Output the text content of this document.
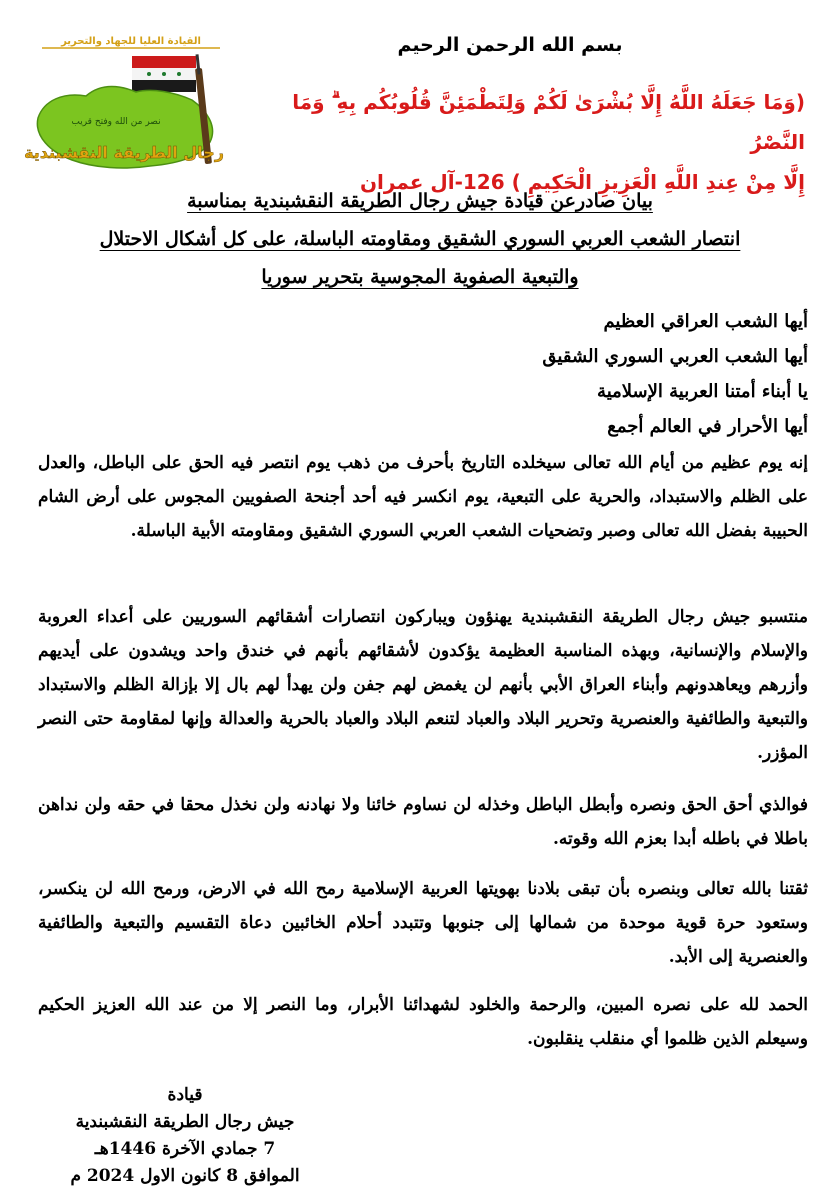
القيادة العليا للجهاد والتحرير
نصر من الله وفتح قريب
رجال الطريقة النقشبندية
بسم الله الرحمن الرحيم
(وَمَا جَعَلَهُ اللَّهُ إِلَّا بُشْرَىٰ لَكُمْ وَلِتَطْمَئِنَّ قُلُوبُكُم بِهِ ۗ وَمَا النَّصْرُ
إِلَّا مِنْ عِندِ اللَّهِ الْعَزِيزِ الْحَكِيمِ ) 126-آل عمران
بيان صادرعن قيادة جيش رجال الطريقة النقشبندية بمناسبة
انتصار الشعب العربي السوري الشقيق ومقاومته الباسلة، على كل أشكال الاحتلال
والتبعية الصفوية المجوسية بتحرير سوريا
أيها الشعب العراقي العظيم
أيها الشعب العربي السوري الشقيق
يا أبناء أمتنا العربية الإسلامية
أيها الأحرار في العالم أجمع

إنه يوم عظيم من أيام الله تعالى سيخلده التاريخ بأحرف من ذهب يوم انتصر فيه الحق على الباطل، والعدل على الظلم والاستبداد، والحرية على التبعية، يوم انكسر فيه أحد أجنحة الصفويين المجوس على أرض الشام الحبيبة بفضل الله تعالى وصبر وتضحيات الشعب العربي السوري الشقيق ومقاومته الأبية الباسلة.

منتسبو جيش رجال الطريقة النقشبندية يهنؤون ويباركون انتصارات أشقائهم السوريين على أعداء العروبة والإسلام والإنسانية، وبهذه المناسبة العظيمة يؤكدون لأشقائهم بأنهم في خندق واحد ويشدون على أيديهم وأزرهم ويعاهدونهم وأبناء العراق الأبي بأنهم لن يغمض لهم جفن ولن يهدأ لهم بال إلا بإزالة الظلم والاستبداد والتبعية والطائفية والعنصرية وتحرير البلاد والعباد لتنعم البلاد والعباد بالحرية والعدالة وإنها لمقاومة حتى النصر المؤزر.

فوالذي أحق الحق ونصره وأبطل الباطل وخذله لن نساوم خائنا ولا نهادنه ولن نخذل محقا في حقه ولن نداهن باطلا في باطله أبدا بعزم الله وقوته.

ثقتنا بالله تعالى وبنصره بأن تبقى بلادنا بهويتها العربية الإسلامية رمح الله في الارض، ورمح الله لن ينكسر، وستعود حرة قوية موحدة من شمالها إلى جنوبها وتتبدد أحلام الخائبين دعاة التقسيم والتبعية والطائفية والعنصرية إلى الأبد.

الحمد لله على نصره المبين، والرحمة والخلود لشهدائنا الأبرار، وما النصر إلا من عند الله العزيز الحكيم وسيعلم الذين ظلموا أي منقلب ينقلبون.

قيادة
جيش رجال الطريقة النقشبندية
7 جمادي الآخرة 1446هـ
الموافق 8 كانون الاول 2024 م
